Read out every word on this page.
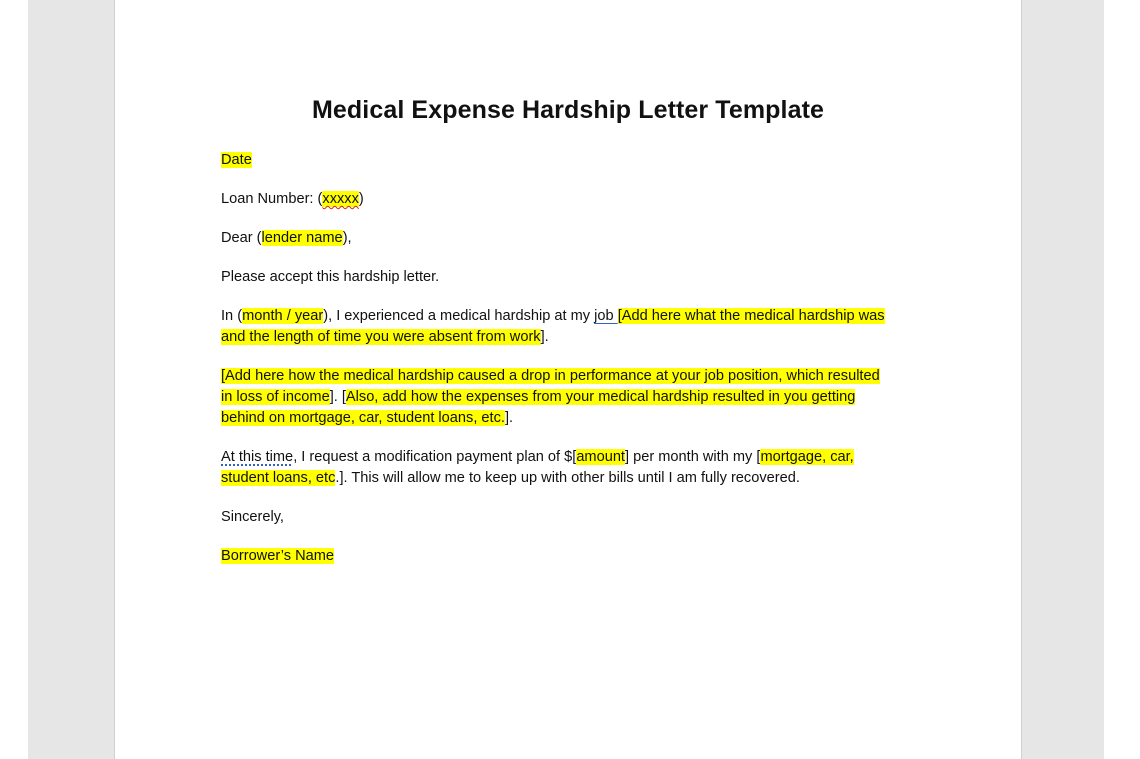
Medical Expense Hardship Letter Template

Date

Loan Number: (xxxxx)

Dear (lender name),

Please accept this hardship letter.

In (month / year), I experienced a medical hardship at my job [Add here what the medical hardship was
and the length of time you were absent from work].

[Add here how the medical hardship caused a drop in performance at your job position, which resulted
in loss of income]. [Also, add how the expenses from your medical hardship resulted in you getting
behind on mortgage, car, student loans, etc.].

At this time, I request a modification payment plan of $[amount] per month with my [mortgage, car,
student loans, etc.]. This will allow me to keep up with other bills until I am fully recovered.

Sincerely,

Borrower’s Name
